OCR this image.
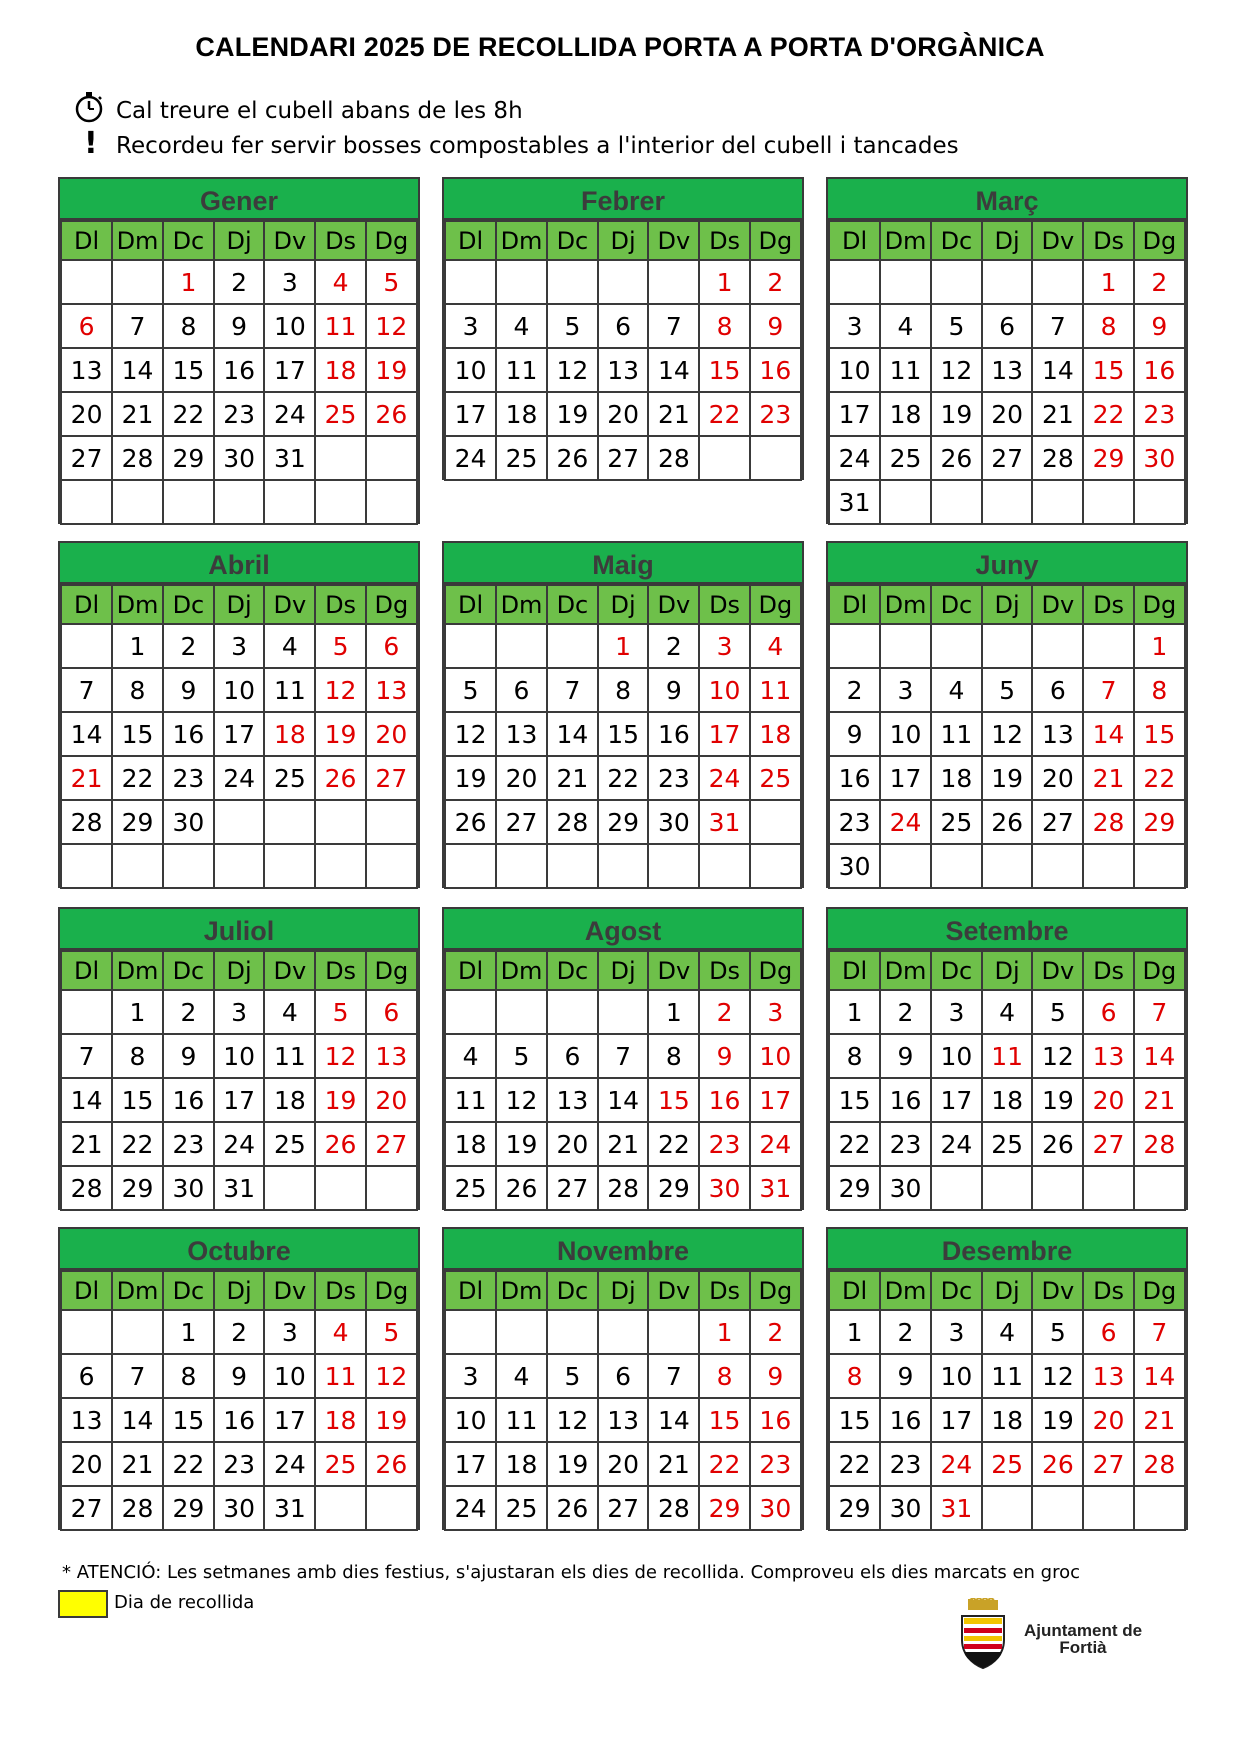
CALENDARI 2025 DE RECOLLIDA PORTA A PORTA D'ORGÀNICA
Cal treure el cubell abans de les 8h
! Recordeu fer servir bosses compostables a l'interior del cubell i tancades
Gener
Dl	Dm	Dc	Dj	Dv	Ds	Dg
		1	2	3	4	5
6	7	8	9	10	11	12
13	14	15	16	17	18	19
20	21	22	23	24	25	26
27	28	29	30	31		

Febrer
Dl	Dm	Dc	Dj	Dv	Ds	Dg
					1	2
3	4	5	6	7	8	9
10	11	12	13	14	15	16
17	18	19	20	21	22	23
24	25	26	27	28		
Març
Dl	Dm	Dc	Dj	Dv	Ds	Dg
					1	2
3	4	5	6	7	8	9
10	11	12	13	14	15	16
17	18	19	20	21	22	23
24	25	26	27	28	29	30
31						
Abril
Dl	Dm	Dc	Dj	Dv	Ds	Dg
	1	2	3	4	5	6
7	8	9	10	11	12	13
14	15	16	17	18	19	20
21	22	23	24	25	26	27
28	29	30				

Maig
Dl	Dm	Dc	Dj	Dv	Ds	Dg
			1	2	3	4
5	6	7	8	9	10	11
12	13	14	15	16	17	18
19	20	21	22	23	24	25
26	27	28	29	30	31	

Juny
Dl	Dm	Dc	Dj	Dv	Ds	Dg
						1
2	3	4	5	6	7	8
9	10	11	12	13	14	15
16	17	18	19	20	21	22
23	24	25	26	27	28	29
30						
Juliol
Dl	Dm	Dc	Dj	Dv	Ds	Dg
	1	2	3	4	5	6
7	8	9	10	11	12	13
14	15	16	17	18	19	20
21	22	23	24	25	26	27
28	29	30	31			
Agost
Dl	Dm	Dc	Dj	Dv	Ds	Dg
				1	2	3
4	5	6	7	8	9	10
11	12	13	14	15	16	17
18	19	20	21	22	23	24
25	26	27	28	29	30	31
Setembre
Dl	Dm	Dc	Dj	Dv	Ds	Dg
1	2	3	4	5	6	7
8	9	10	11	12	13	14
15	16	17	18	19	20	21
22	23	24	25	26	27	28
29	30					
Octubre
Dl	Dm	Dc	Dj	Dv	Ds	Dg
		1	2	3	4	5
6	7	8	9	10	11	12
13	14	15	16	17	18	19
20	21	22	23	24	25	26
27	28	29	30	31		
Novembre
Dl	Dm	Dc	Dj	Dv	Ds	Dg
					1	2
3	4	5	6	7	8	9
10	11	12	13	14	15	16
17	18	19	20	21	22	23
24	25	26	27	28	29	30
Desembre
Dl	Dm	Dc	Dj	Dv	Ds	Dg
1	2	3	4	5	6	7
8	9	10	11	12	13	14
15	16	17	18	19	20	21
22	23	24	25	26	27	28
29	30	31				
* ATENCIÓ: Les setmanes amb dies festius, s'ajustaran els dies de recollida. Comproveu els dies marcats en groc
Dia de recollida
Ajuntament de
Fortià
